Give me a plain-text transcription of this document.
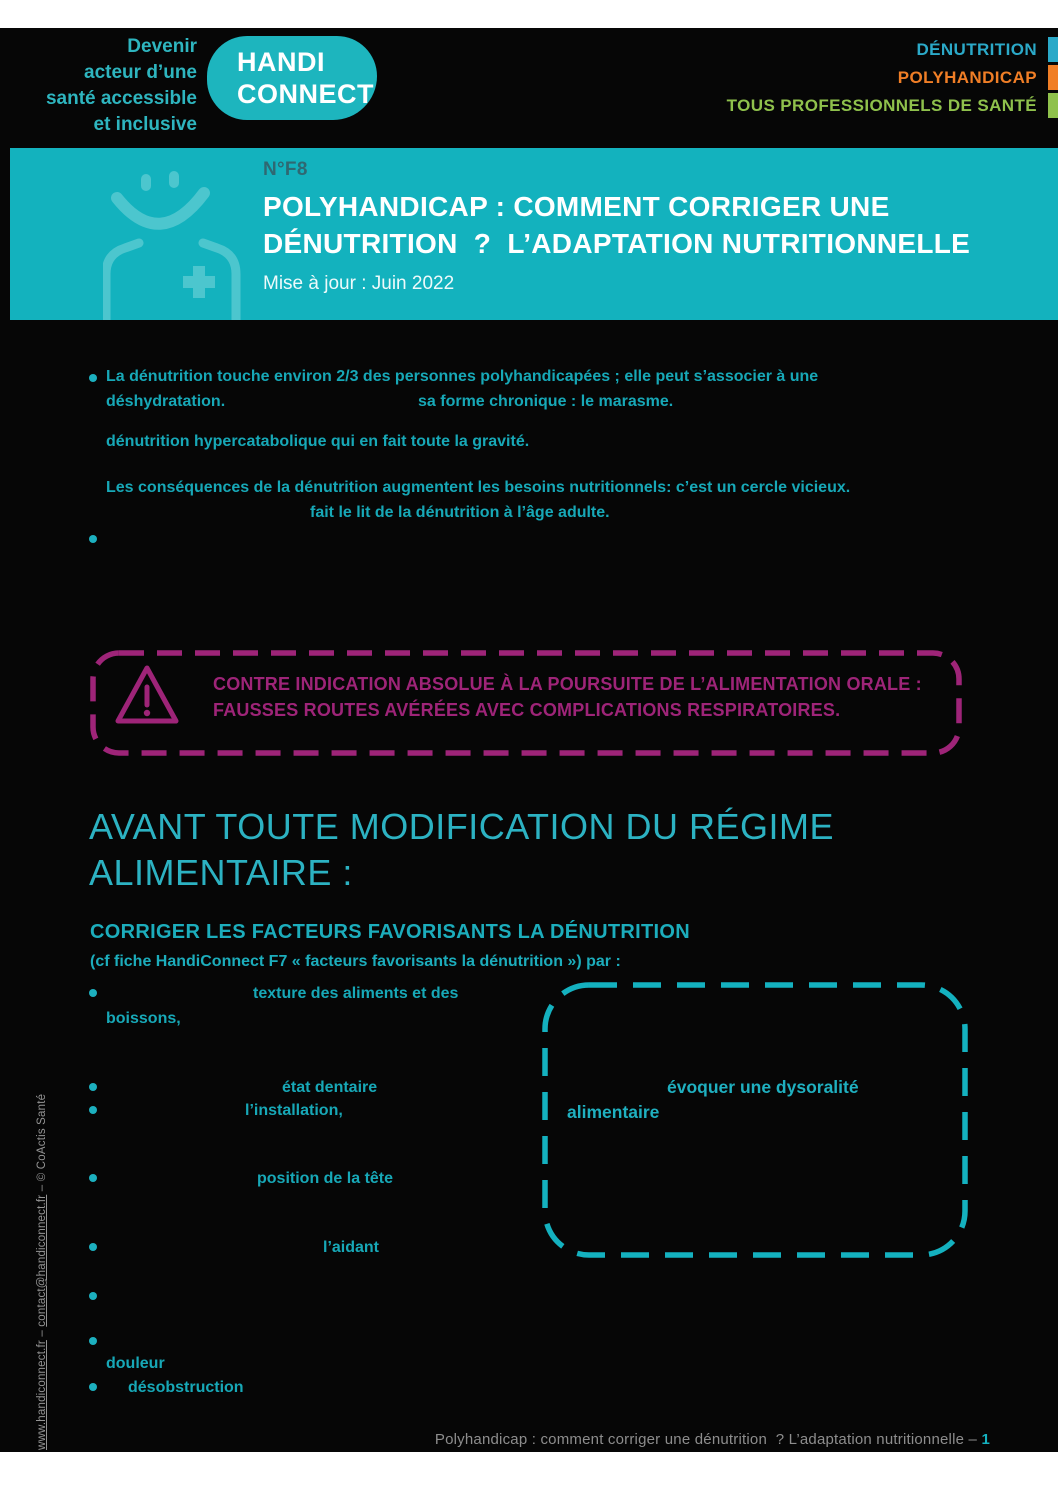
Devenir
acteur d’une
santé accessible
et inclusive
HANDI
CONNECT
DÉNUTRITION
POLYHANDICAP
TOUS PROFESSIONNELS DE SANTÉ
N°F8
POLYHANDICAP : COMMENT CORRIGER UNE
DÉNUTRITION  ?  L’ADAPTATION NUTRITIONNELLE
Mise à jour : Juin 2022
La dénutrition touche environ 2/3 des personnes polyhandicapées ; elle peut s’associer à une
déshydratation.	sa forme chronique : le marasme.
dénutrition hypercatabolique qui en fait toute la gravité.
Les conséquences de la dénutrition augmentent les besoins nutritionnels: c’est un cercle vicieux.
fait le lit de la dénutrition à l’âge adulte.
CONTRE INDICATION ABSOLUE À LA POURSUITE DE L’ALIMENTATION ORALE :
FAUSSES ROUTES AVÉRÉES AVEC COMPLICATIONS RESPIRATOIRES.
AVANT TOUTE MODIFICATION DU RÉGIME
ALIMENTAIRE :
CORRIGER LES FACTEURS FAVORISANTS LA DÉNUTRITION
(cf fiche HandiConnect F7 « facteurs favorisants la dénutrition ») par :
texture des aliments et des
boissons,
état dentaire
l’installation,
position de la tête
l’aidant
douleur
désobstruction
évoquer une dysoralité
alimentaire
www.handiconnect.fr – contact@handiconnect.fr – © CoActis Santé
Polyhandicap : comment corriger une dénutrition  ? L’adaptation nutritionnelle – 1
